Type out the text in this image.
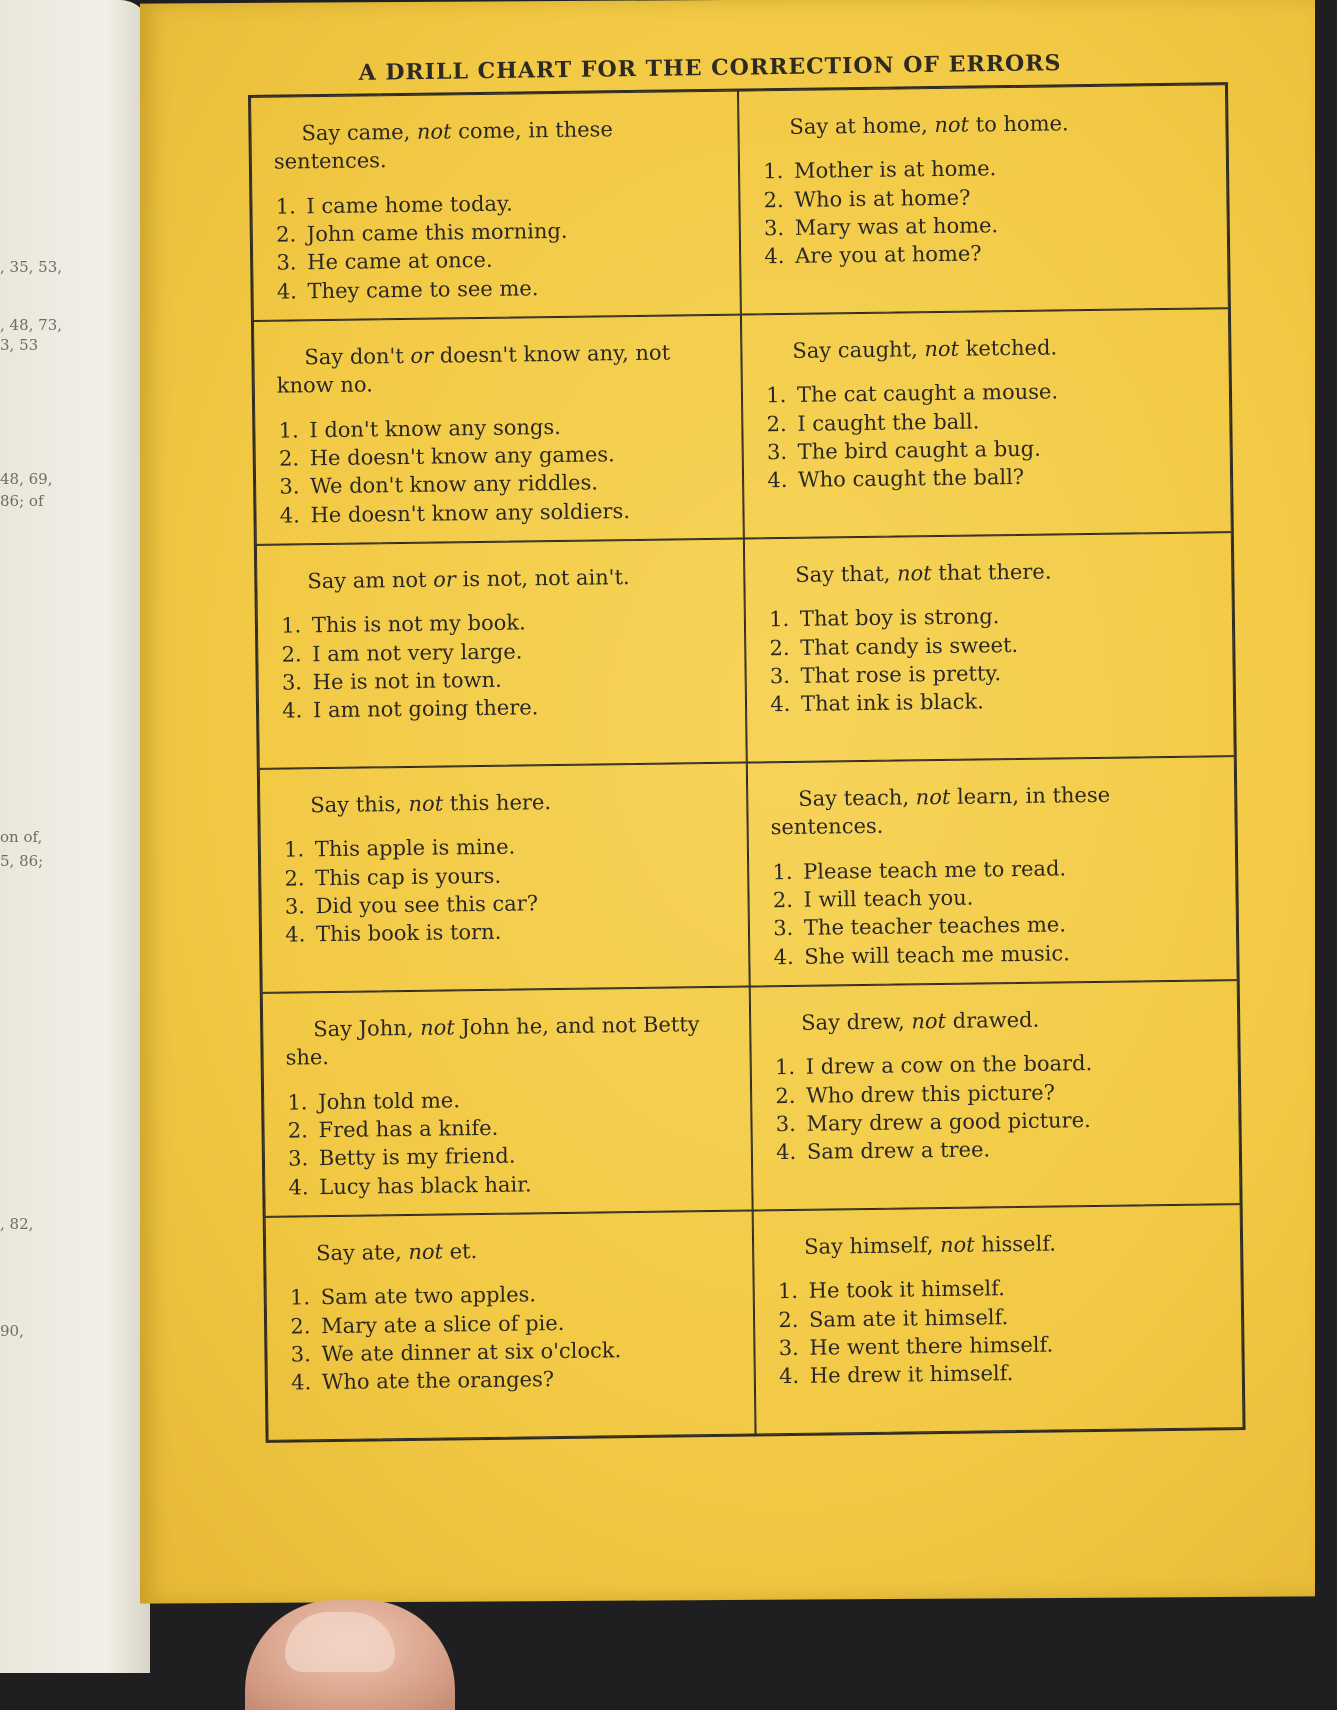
, 35, 53,
, 48, 73,
3, 53
48, 69,
86; of
on of,
5, 86;
, 82,
90,
A DRILL CHART FOR THE CORRECTION OF ERRORS

Say came, not come, in these sentences.

1. I came home today.
2. John came this morning.
3. He came at once.
4. They came to see me.

Say at home, not to home.

1. Mother is at home.
2. Who is at home?
3. Mary was at home.
4. Are you at home?

Say don't or doesn't know any, not know no.

1. I don't know any songs.
2. He doesn't know any games.
3. We don't know any riddles.
4. He doesn't know any soldiers.

Say caught, not ketched.

1. The cat caught a mouse.
2. I caught the ball.
3. The bird caught a bug.
4. Who caught the ball?

Say am not or is not, not ain't.

1. This is not my book.
2. I am not very large.
3. He is not in town.
4. I am not going there.

Say that, not that there.

1. That boy is strong.
2. That candy is sweet.
3. That rose is pretty.
4. That ink is black.

Say this, not this here.

1. This apple is mine.
2. This cap is yours.
3. Did you see this car?
4. This book is torn.

Say teach, not learn, in these sentences.

1. Please teach me to read.
2. I will teach you.
3. The teacher teaches me.
4. She will teach me music.

Say John, not John he, and not Betty she.

1. John told me.
2. Fred has a knife.
3. Betty is my friend.
4. Lucy has black hair.

Say drew, not drawed.

1. I drew a cow on the board.
2. Who drew this picture?
3. Mary drew a good picture.
4. Sam drew a tree.

Say ate, not et.

1. Sam ate two apples.
2. Mary ate a slice of pie.
3. We ate dinner at six o'clock.
4. Who ate the oranges?

Say himself, not hisself.

1. He took it himself.
2. Sam ate it himself.
3. He went there himself.
4. He drew it himself.
